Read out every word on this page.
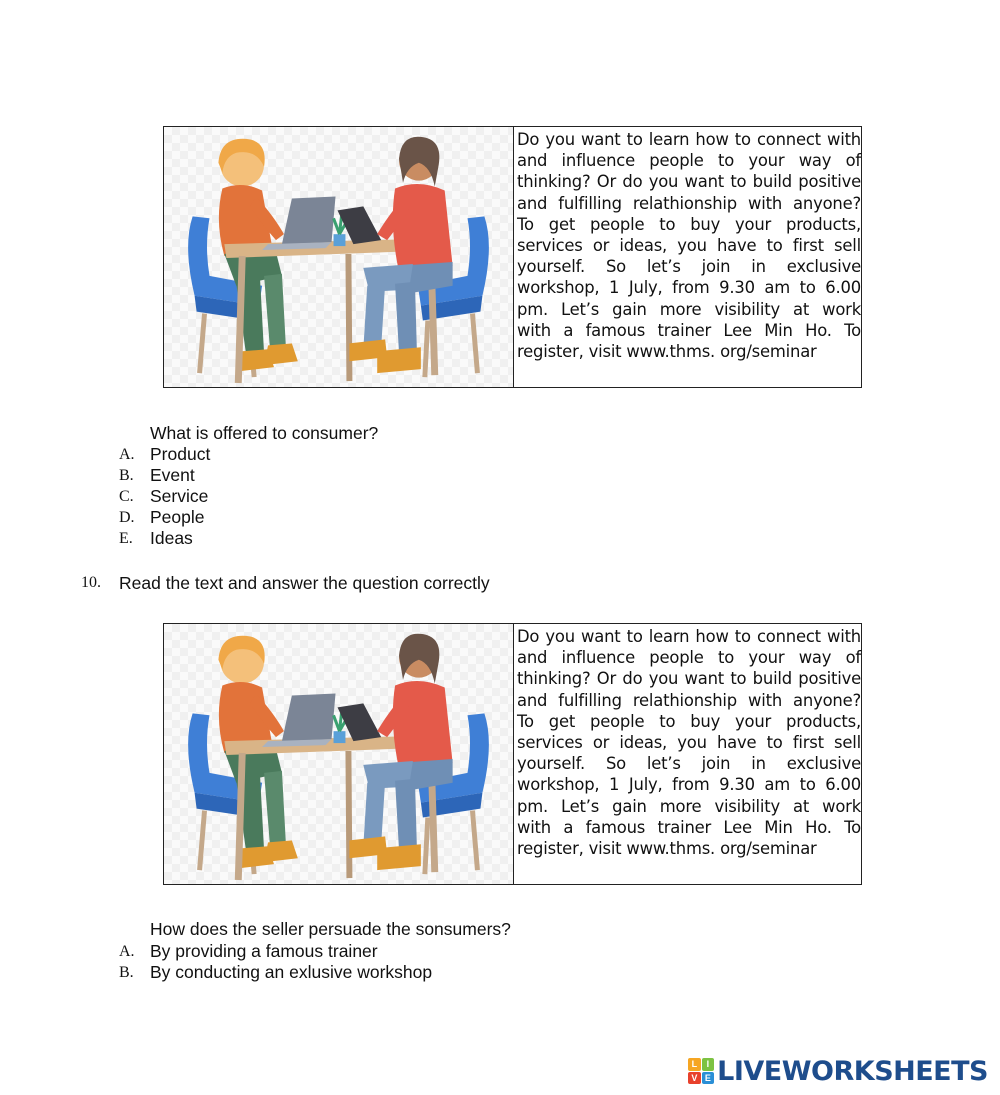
Do you want to learn how to connect with
and influence people to your way of
thinking? Or do you want to build positive
and fulfilling relathionship with anyone?
To get people to buy your products,
services or ideas, you have to first sell
yourself. So let’s join in exclusive
workshop, 1 July, from 9.30 am to 6.00
pm. Let’s gain more visibility at work
with a famous trainer Lee Min Ho. To
register, visit www.thms. org/seminar
What is offered to consumer?
A. Product
B. Event
C. Service
D. People
E. Ideas
10. Read the text and answer the question correctly
Do you want to learn how to connect with
and influence people to your way of
thinking? Or do you want to build positive
and fulfilling relathionship with anyone?
To get people to buy your products,
services or ideas, you have to first sell
yourself. So let’s join in exclusive
workshop, 1 July, from 9.30 am to 6.00
pm. Let’s gain more visibility at work
with a famous trainer Lee Min Ho. To
register, visit www.thms. org/seminar
How does the seller persuade the sonsumers?
A. By providing a famous trainer
B. By conducting an exlusive workshop
L	I
V E LIVEWORKSHEETS
